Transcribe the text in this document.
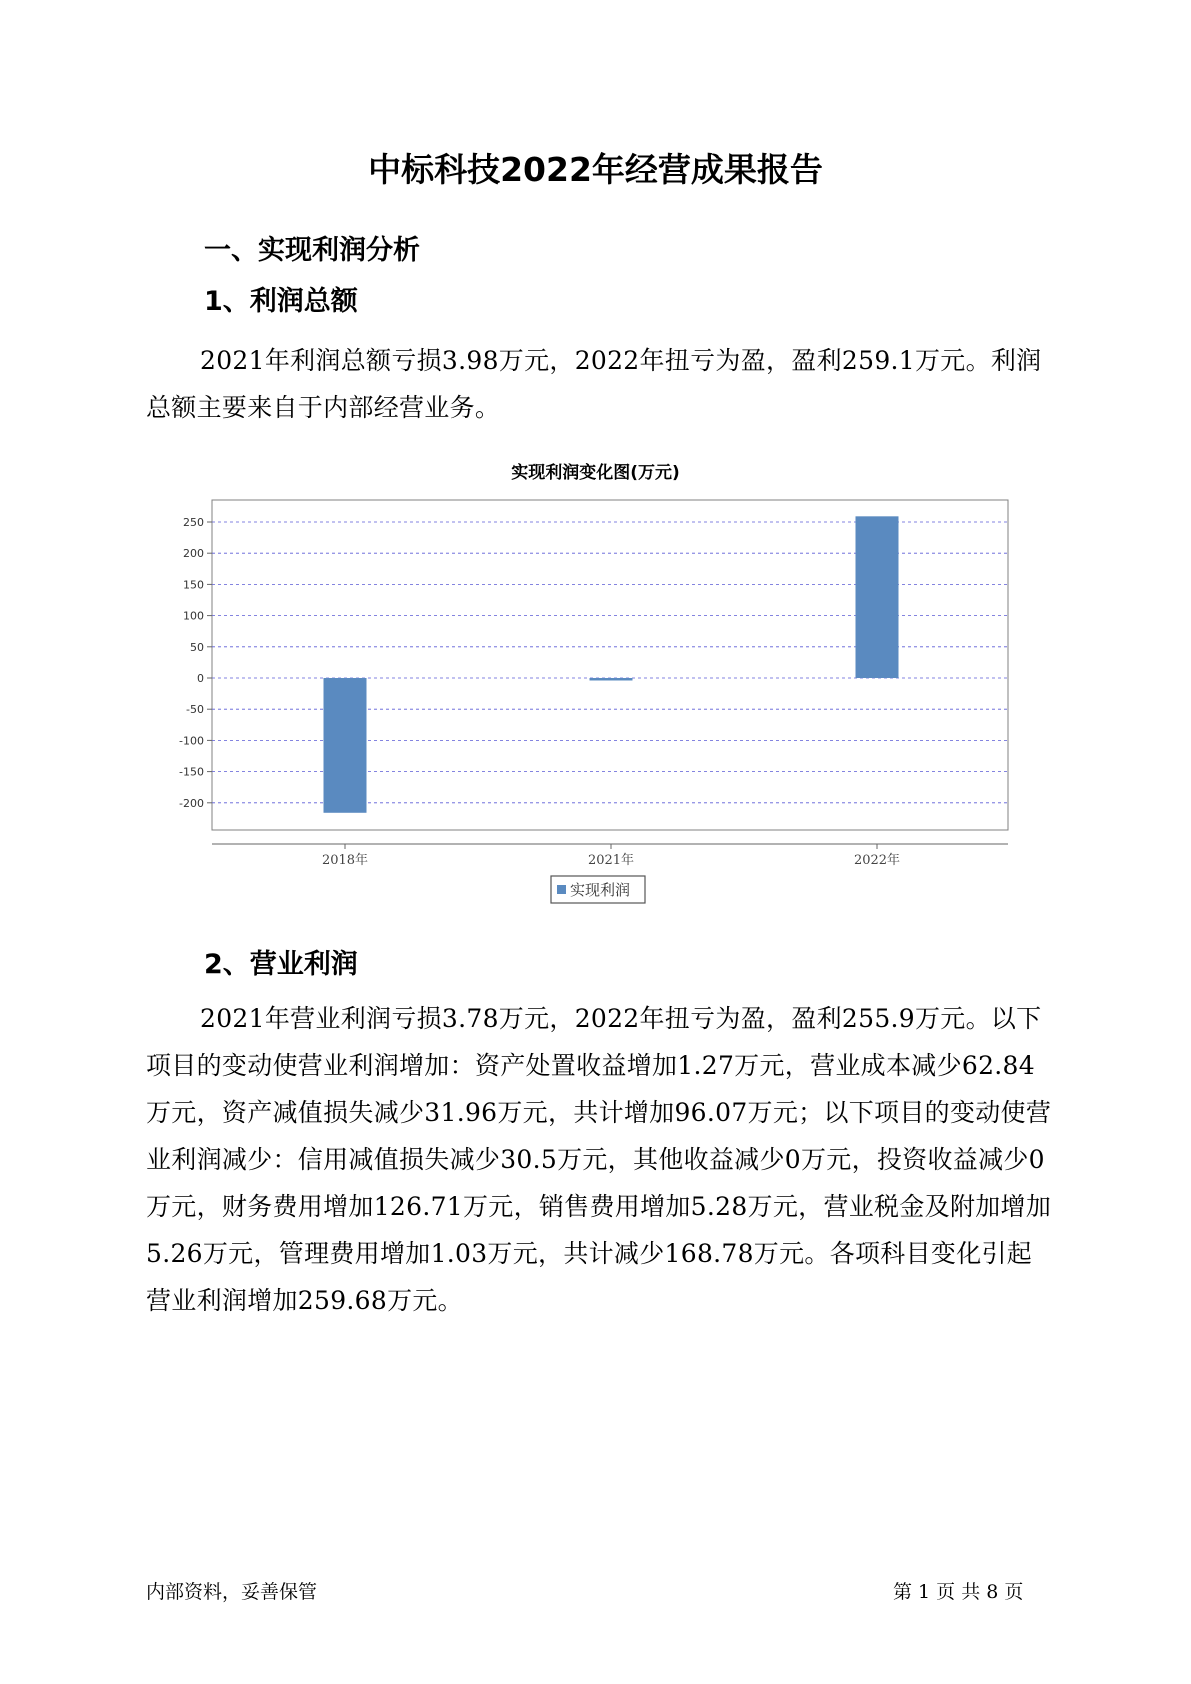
中标科技2022年经营成果报告
一、实现利润分析
1、利润总额

2021年利润总额亏损3.98万元，2022年扭亏为盈，盈利259.1万元。利润总额主要来自于内部经营业务。

实现利润变化图(万元)
250
200
150
100
50
0
-50
-100
-150
-200
2018年	2021年	2022年
实现利润
2、营业利润

2021年营业利润亏损3.78万元，2022年扭亏为盈，盈利255.9万元。以下项目的变动使营业利润增加：资产处置收益增加1.27万元，营业成本减少62.84万元，资产减值损失减少31.96万元，共计增加96.07万元；以下项目的变动使营业利润减少：信用减值损失减少30.5万元，其他收益减少0万元，投资收益减少0万元，财务费用增加126.71万元，销售费用增加5.28万元，营业税金及附加增加5.26万元，管理费用增加1.03万元，共计减少168.78万元。各项科目变化引起营业利润增加259.68万元。

内部资料，妥善保管	第 1 页 共 8 页
